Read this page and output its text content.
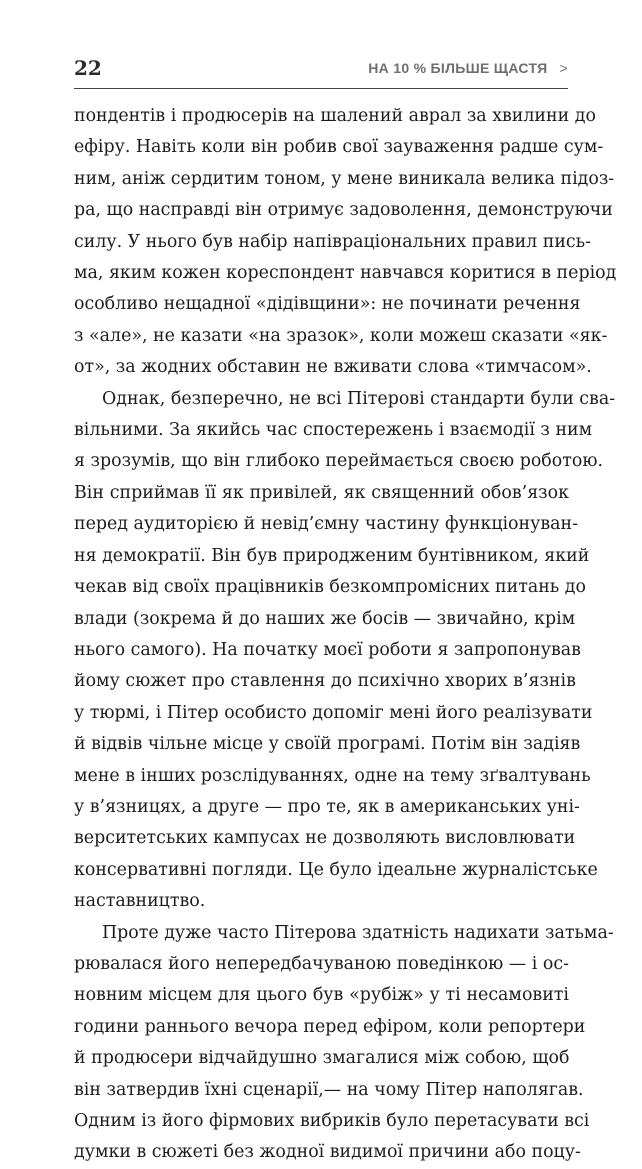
22	НА 10 % БІЛЬШЕ ЩАСТЯ >
пондентів і продюсерів на шалений аврал за хвилини до
ефіру. Навіть коли він робив свої зауваження радше сум-
ним, аніж сердитим тоном, у мене виникала велика підоз-
ра, що насправді він отримує задоволення, демонструючи
силу. У нього був набір напівраціональних правил пись-
ма, яким кожен кореспондент навчався коритися в період
особливо нещадної «дідівщини»: не починати речення
з «але», не казати «на зразок», коли можеш сказати «як-
от», за жодних обставин не вживати слова «тимчасом».
Однак, безперечно, не всі Пітерові стандарти були сва-
вільними. За якийсь час спостережень і взаємодії з ним
я зрозумів, що він глибоко переймається своєю роботою.
Він сприймав її як привілей, як священний обов’язок
перед аудиторією й невід’ємну частину функціонуван-
ня демократії. Він був природженим бунтівником, який
чекав від своїх працівників безкомпромісних питань до
влади (зокрема й до наших же босів — звичайно, крім
нього самого). На початку моєї роботи я запропонував
йому сюжет про ставлення до психічно хворих в’язнів
у тюрмі, і Пітер особисто допоміг мені його реалізувати
й відвів чільне місце у своїй програмі. Потім він задіяв
мене в інших розслідуваннях, одне на тему зґвалтувань
у в’язницях, а друге — про те, як в американських уні-
верситетських кампусах не дозволяють висловлювати
консервативні погляди. Це було ідеальне журналістське
наставництво.
Проте дуже часто Пітерова здатність надихати затьма-
рювалася його непередбачуваною поведінкою — і ос-
новним місцем для цього був «рубіж» у ті несамовиті
години раннього вечора перед ефіром, коли репортери
й продюсери відчайдушно змагалися між собою, щоб
він затвердив їхні сценарії,— на чому Пітер наполягав.
Одним із його фірмових вибриків було перетасувати всі
думки в сюжеті без жодної видимої причини або поцу-
